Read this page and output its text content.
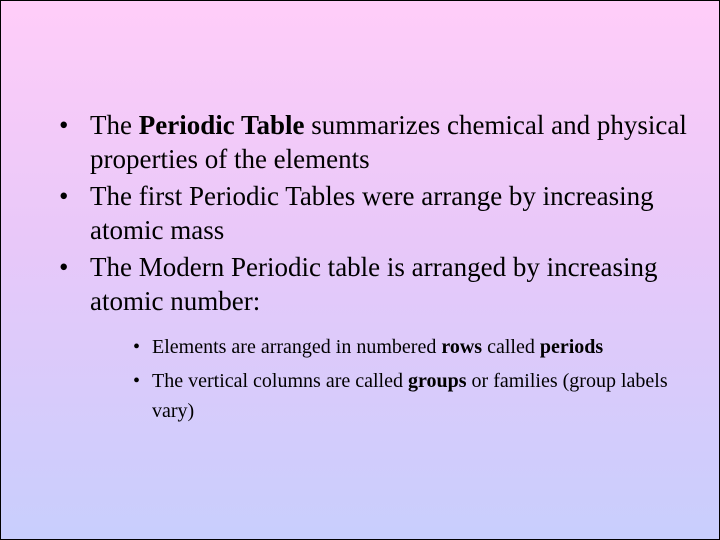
• The Periodic Table summarizes chemical and physical properties of the elements
• The first Periodic Tables were arrange by increasing atomic mass
• The Modern Periodic table is arranged by increasing atomic number:
• Elements are arranged in numbered rows called periods
• The vertical columns are called groups or families (group labels vary)
